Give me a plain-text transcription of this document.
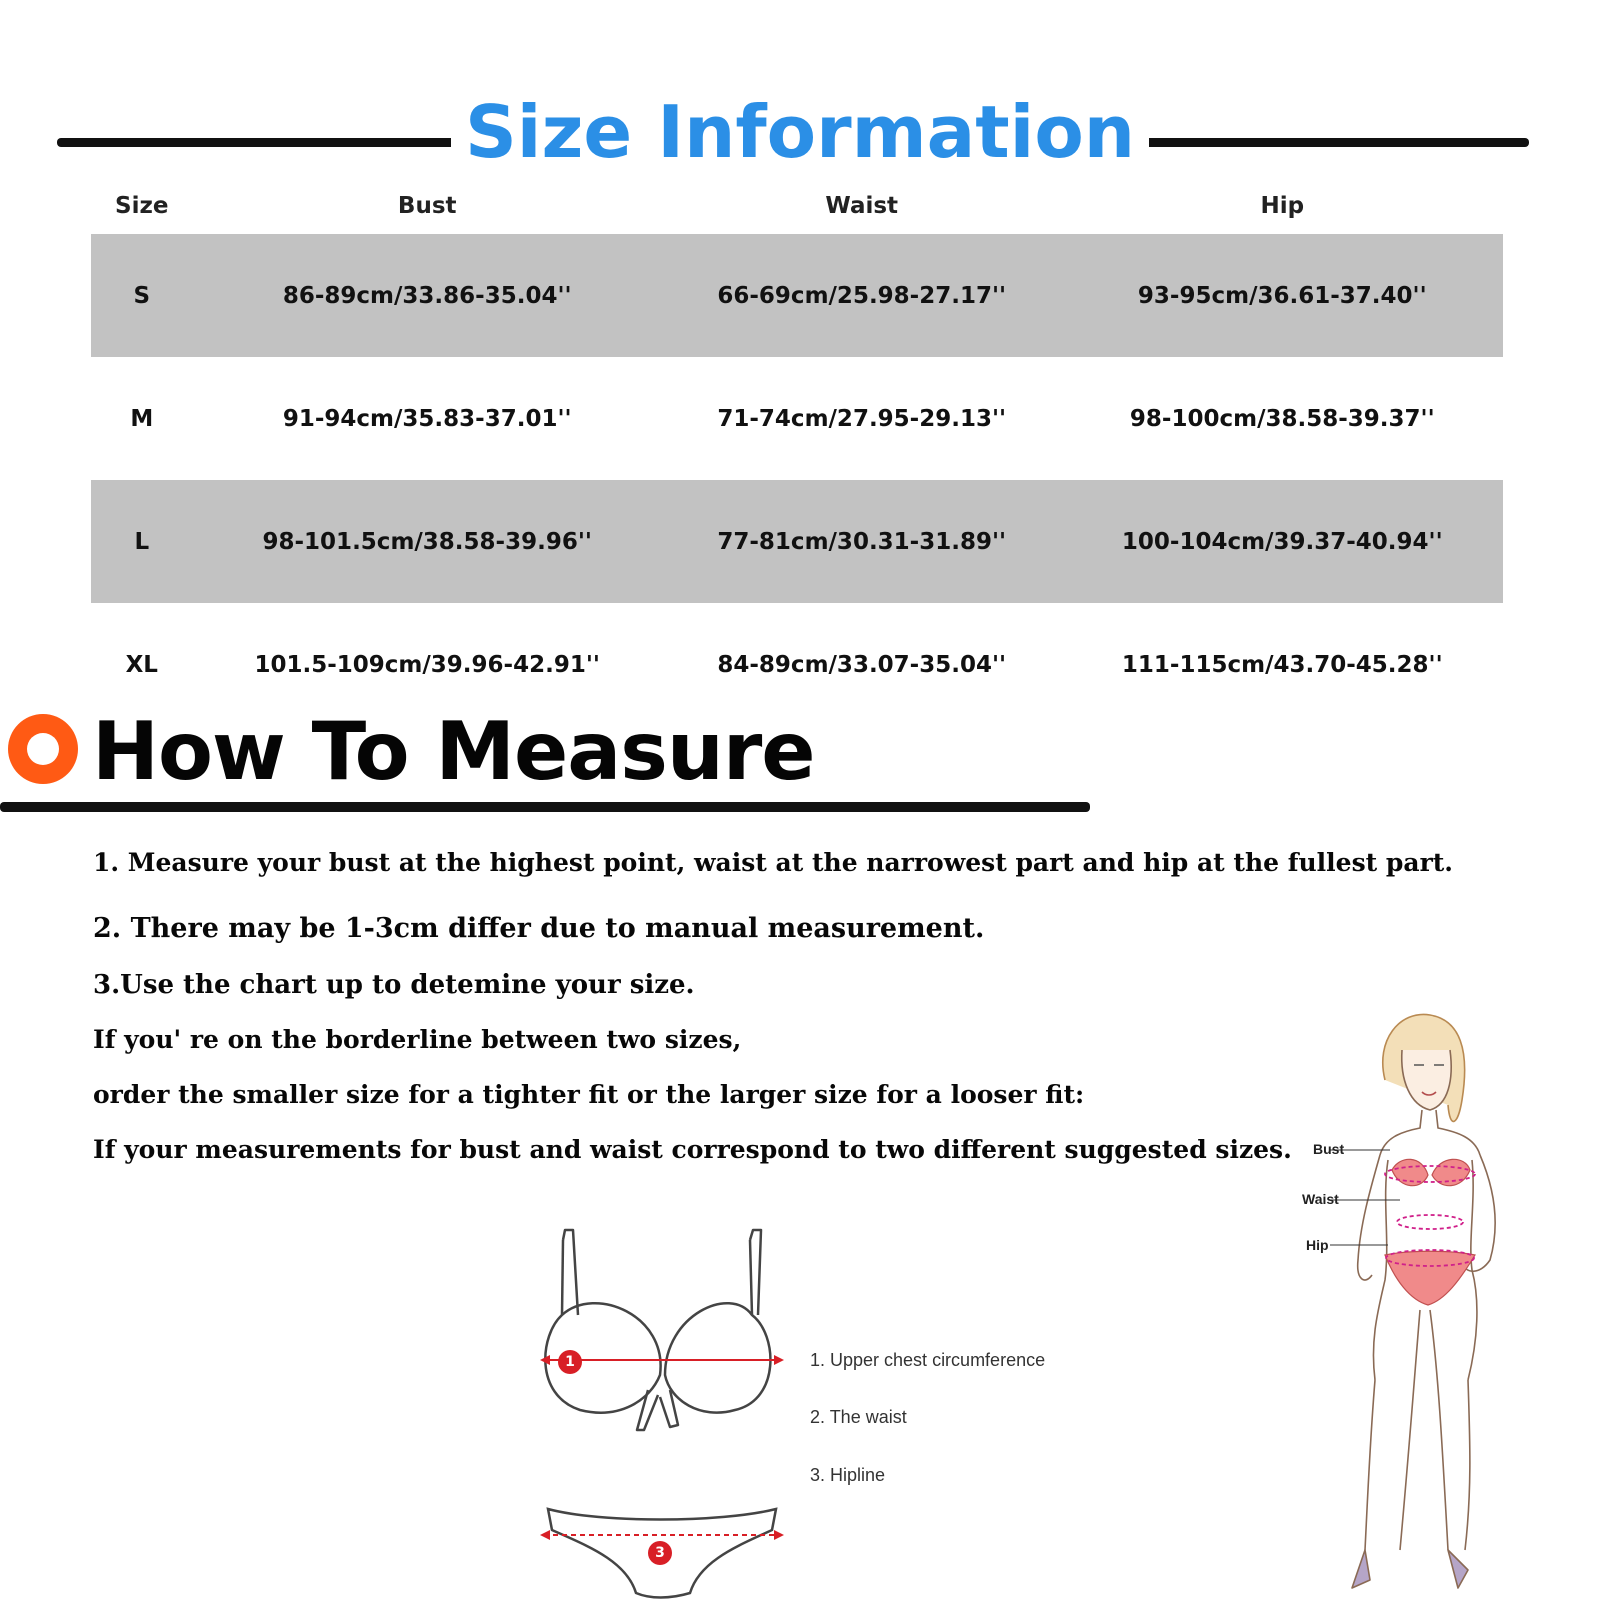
Size Information
Size	Bust	Waist	Hip
S	86-89cm/33.86-35.04''	66-69cm/25.98-27.17''	93-95cm/36.61-37.40''
M	91-94cm/35.83-37.01''	71-74cm/27.95-29.13''	98-100cm/38.58-39.37''
L	98-101.5cm/38.58-39.96''	77-81cm/30.31-31.89''	100-104cm/39.37-40.94''
XL	101.5-109cm/39.96-42.91''	84-89cm/33.07-35.04''	111-115cm/43.70-45.28''
How To Measure
1. Measure your bust at the highest point, waist at the narrowest part and hip at the fullest part.
2. There may be 1-3cm differ due to manual measurement.
3.Use the chart up to detemine your size.
If you' re on the borderline between two sizes,
order the smaller size for a tighter fit or the larger size for a looser fit:
If your measurements for bust and waist correspond to two different suggested sizes.
1
3
1. Upper chest circumference
2. The waist
3. Hipline
Bust
Waist
Hip
